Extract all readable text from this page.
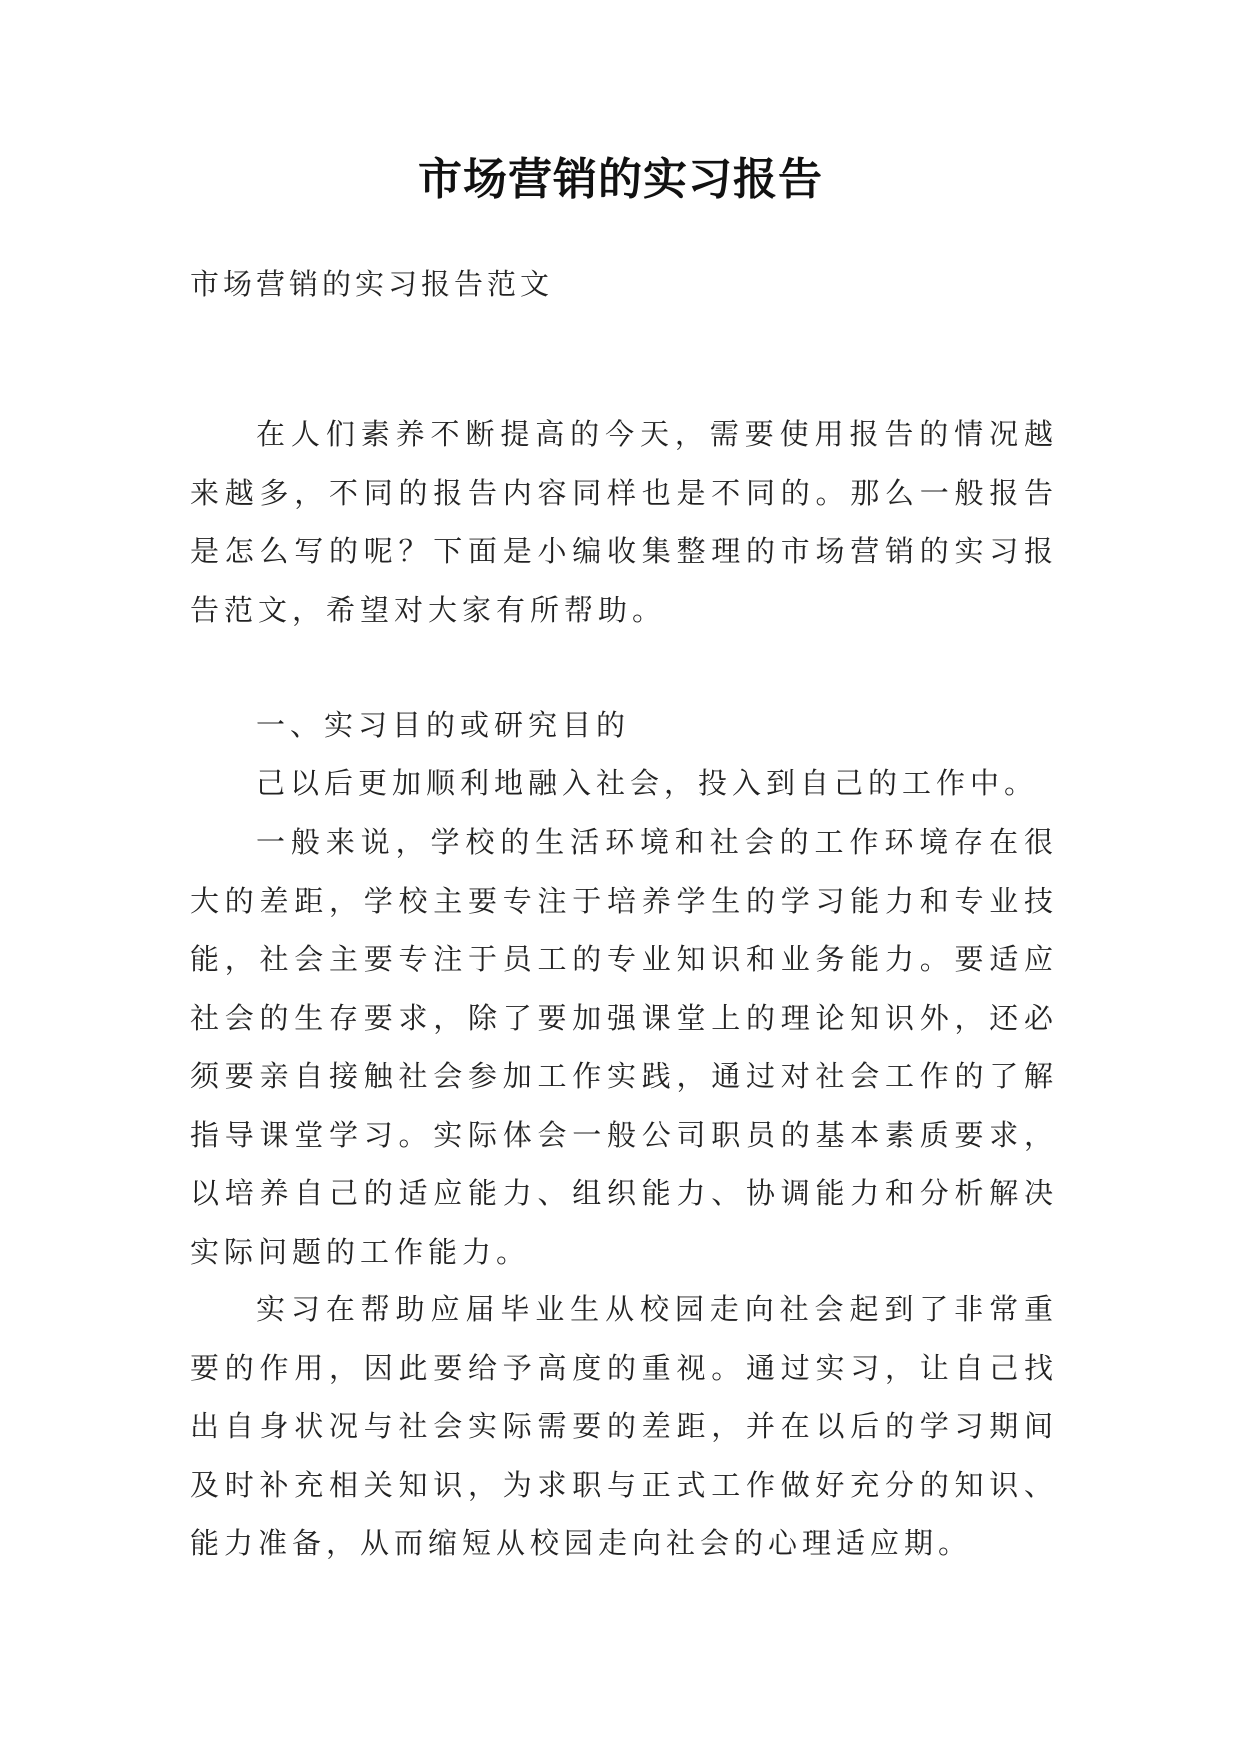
市场营销的实习报告
市场营销的实习报告范文

在人们素养不断提高的今天，需要使用报告的情况越来越多，不同的报告内容同样也是不同的。那么一般报告是怎么写的呢？下面是小编收集整理的市场营销的实习报告范文，希望对大家有所帮助。

一、实习目的或研究目的

己以后更加顺利地融入社会，投入到自己的工作中。

一般来说，学校的生活环境和社会的工作环境存在很大的差距，学校主要专注于培养学生的学习能力和专业技能，社会主要专注于员工的专业知识和业务能力。要适应社会的生存要求，除了要加强课堂上的理论知识外，还必须要亲自接触社会参加工作实践，通过对社会工作的了解指导课堂学习。实际体会一般公司职员的基本素质要求，以培养自己的适应能力、组织能力、协调能力和分析解决实际问题的工作能力。

实习在帮助应届毕业生从校园走向社会起到了非常重要的作用，因此要给予高度的重视。通过实习，让自己找出自身状况与社会实际需要的差距，并在以后的学习期间及时补充相关知识，为求职与正式工作做好充分的知识、能力准备，从而缩短从校园走向社会的心理适应期。
